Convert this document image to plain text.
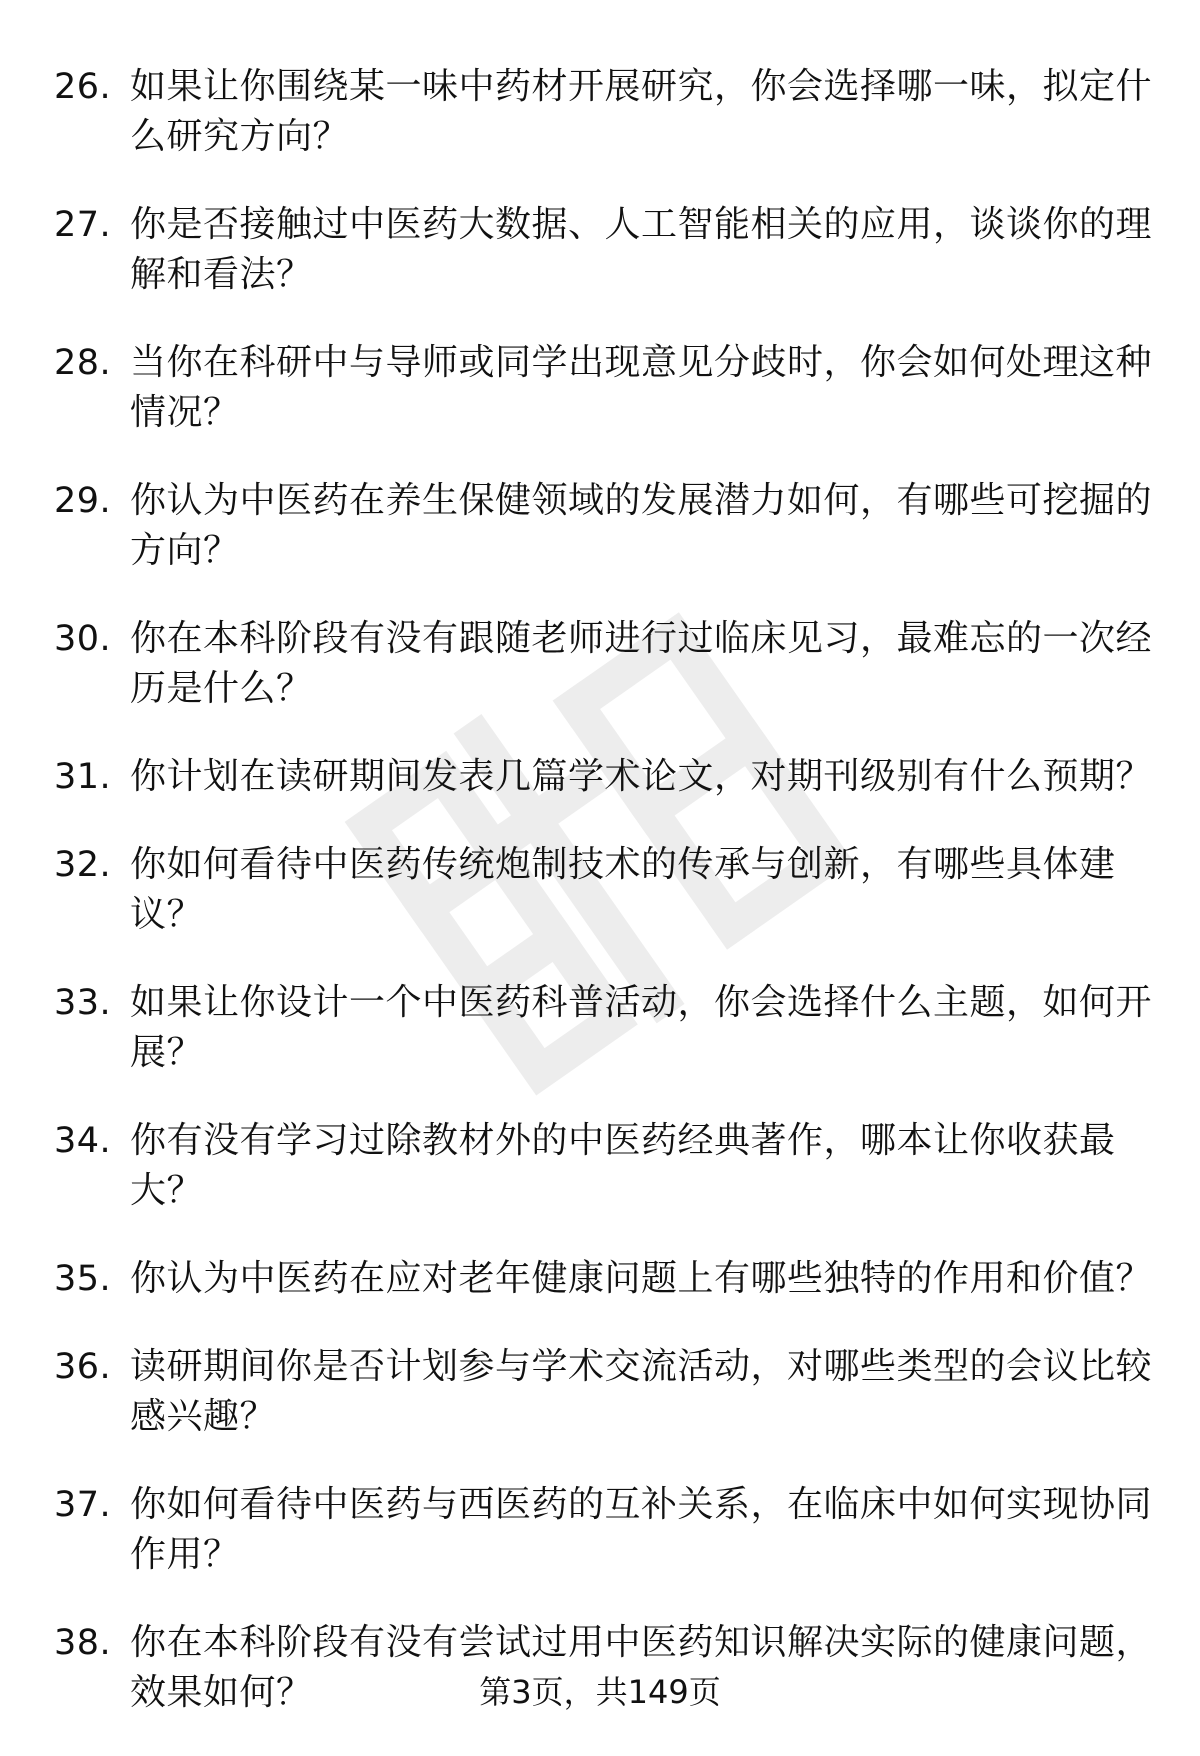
26. 如果让你围绕某一味中药材开展研究，你会选择哪一味，拟定什么研究方向？
27. 你是否接触过中医药大数据、人工智能相关的应用，谈谈你的理解和看法？
28. 当你在科研中与导师或同学出现意见分歧时，你会如何处理这种情况？
29. 你认为中医药在养生保健领域的发展潜力如何，有哪些可挖掘的方向？
30. 你在本科阶段有没有跟随老师进行过临床见习，最难忘的一次经历是什么？
31. 你计划在读研期间发表几篇学术论文，对期刊级别有什么预期？
32. 你如何看待中医药传统炮制技术的传承与创新，有哪些具体建议？
33. 如果让你设计一个中医药科普活动，你会选择什么主题，如何开展？
34. 你有没有学习过除教材外的中医药经典著作，哪本让你收获最大？
35. 你认为中医药在应对老年健康问题上有哪些独特的作用和价值？
36. 读研期间你是否计划参与学术交流活动，对哪些类型的会议比较感兴趣？
37. 你如何看待中医药与西医药的互补关系，在临床中如何实现协同作用？
38. 你在本科阶段有没有尝试过用中医药知识解决实际的健康问题，效果如何？	第3页，共149页
